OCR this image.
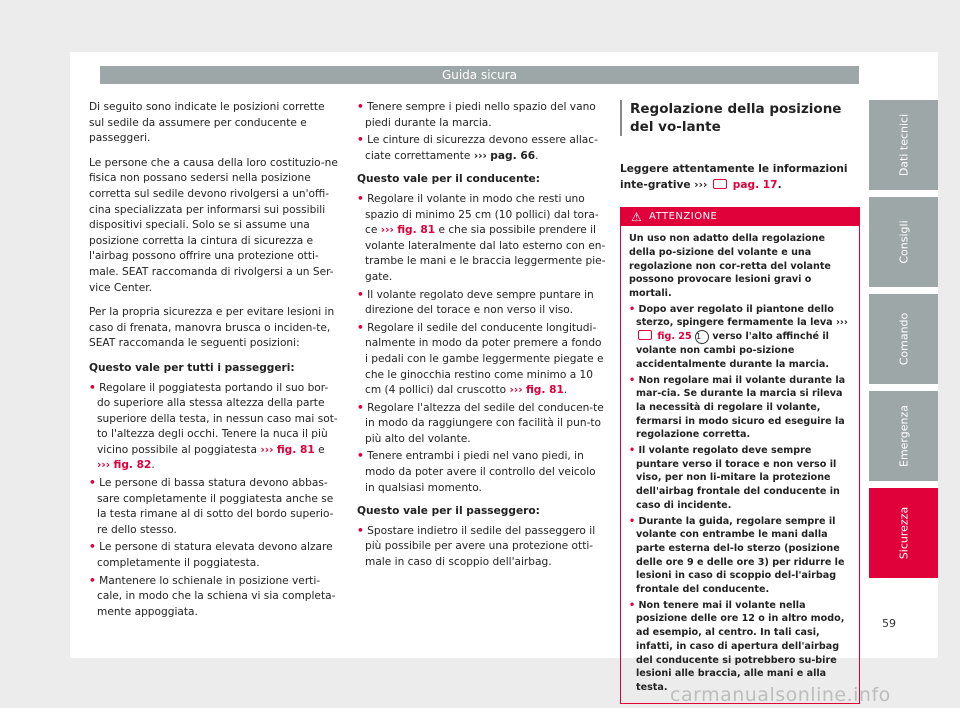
Guida sicura

Di seguito sono indicate le posizioni corrette sul sedile da assumere per conducente e passeggeri.

Le persone che a causa della loro costituzio-ne fisica non possano sedersi nella posizione corretta sul sedile devono rivolgersi a un'offi-cina specializzata per informarsi sui possibili dispositivi speciali. Solo se si assume una posizione corretta la cintura di sicurezza e l'airbag possono offrire una protezione otti-male. SEAT raccomanda di rivolgersi a un Ser-vice Center.

Per la propria sicurezza e per evitare lesioni in caso di frenata, manovra brusca o inciden-te, SEAT raccomanda le seguenti posizioni:

Questo vale per tutti i passeggeri:

• Regolare il poggiatesta portando il suo bor-do superiore alla stessa altezza della parte superiore della testa, in nessun caso mai sot-to l'altezza degli occhi. Tenere la nuca il più vicino possibile al poggiatesta ››› fig. 81 e ››› fig. 82.

• Le persone di bassa statura devono abbas-sare completamente il poggiatesta anche se la testa rimane al di sotto del bordo superio-re dello stesso.

• Le persone di statura elevata devono alzare completamente il poggiatesta.

• Mantenere lo schienale in posizione verti-cale, in modo che la schiena vi sia completa-mente appoggiata.

• Tenere sempre i piedi nello spazio del vano piedi durante la marcia.

• Le cinture di sicurezza devono essere allac-ciate correttamente ››› pag. 66.

Questo vale per il conducente:

• Regolare il volante in modo che resti uno spazio di minimo 25 cm (10 pollici) dal tora-ce ››› fig. 81 e che sia possibile prendere il volante lateralmente dal lato esterno con en-trambe le mani e le braccia leggermente pie-gate.

• Il volante regolato deve sempre puntare in direzione del torace e non verso il viso.

• Regolare il sedile del conducente longitudi-nalmente in modo da poter premere a fondo i pedali con le gambe leggermente piegate e che le ginocchia restino come minimo a 10 cm (4 pollici) dal cruscotto ››› fig. 81.

• Regolare l'altezza del sedile del conducen-te in modo da raggiungere con facilità il pun-to più alto del volante.

• Tenere entrambi i piedi nel vano piedi, in modo da poter avere il controllo del veicolo in qualsiasi momento.

Questo vale per il passeggero:

• Spostare indietro il sedile del passeggero il più possibile per avere una protezione otti-male in caso di scoppio dell'airbag.

Regolazione della posizione del vo-lante
Leggere attentamente le informazioni inte-grative ››› pag. 17.
⚠ ATTENZIONE

Un uso non adatto della regolazione della po-sizione del volante e una regolazione non cor-retta del volante possono provocare lesioni gravi o mortali.

• Dopo aver regolato il piantone dello sterzo, spingere fermamente la leva ›››  fig. 25 1 verso l'alto affinché il volante non cambi po-sizione accidentalmente durante la marcia.

• Non regolare mai il volante durante la mar-cia. Se durante la marcia si rileva la necessità di regolare il volante, fermarsi in modo sicuro ed eseguire la regolazione corretta.

• Il volante regolato deve sempre puntare verso il torace e non verso il viso, per non li-mitare la protezione dell'airbag frontale del conducente in caso di incidente.

• Durante la guida, regolare sempre il volante con entrambe le mani dalla parte esterna del-lo sterzo (posizione delle ore 9 e delle ore 3) per ridurre le lesioni in caso di scoppio del-l'airbag frontale del conducente.

• Non tenere mai il volante nella posizione delle ore 12 o in altro modo, ad esempio, al centro. In tali casi, infatti, in caso di apertura dell'airbag del conducente si potrebbero su-bire lesioni alle braccia, alle mani e alla testa.

Dati tecnici
Consigli
Comando
Emergenza
Sicurezza
59
carmanualsonline.info
